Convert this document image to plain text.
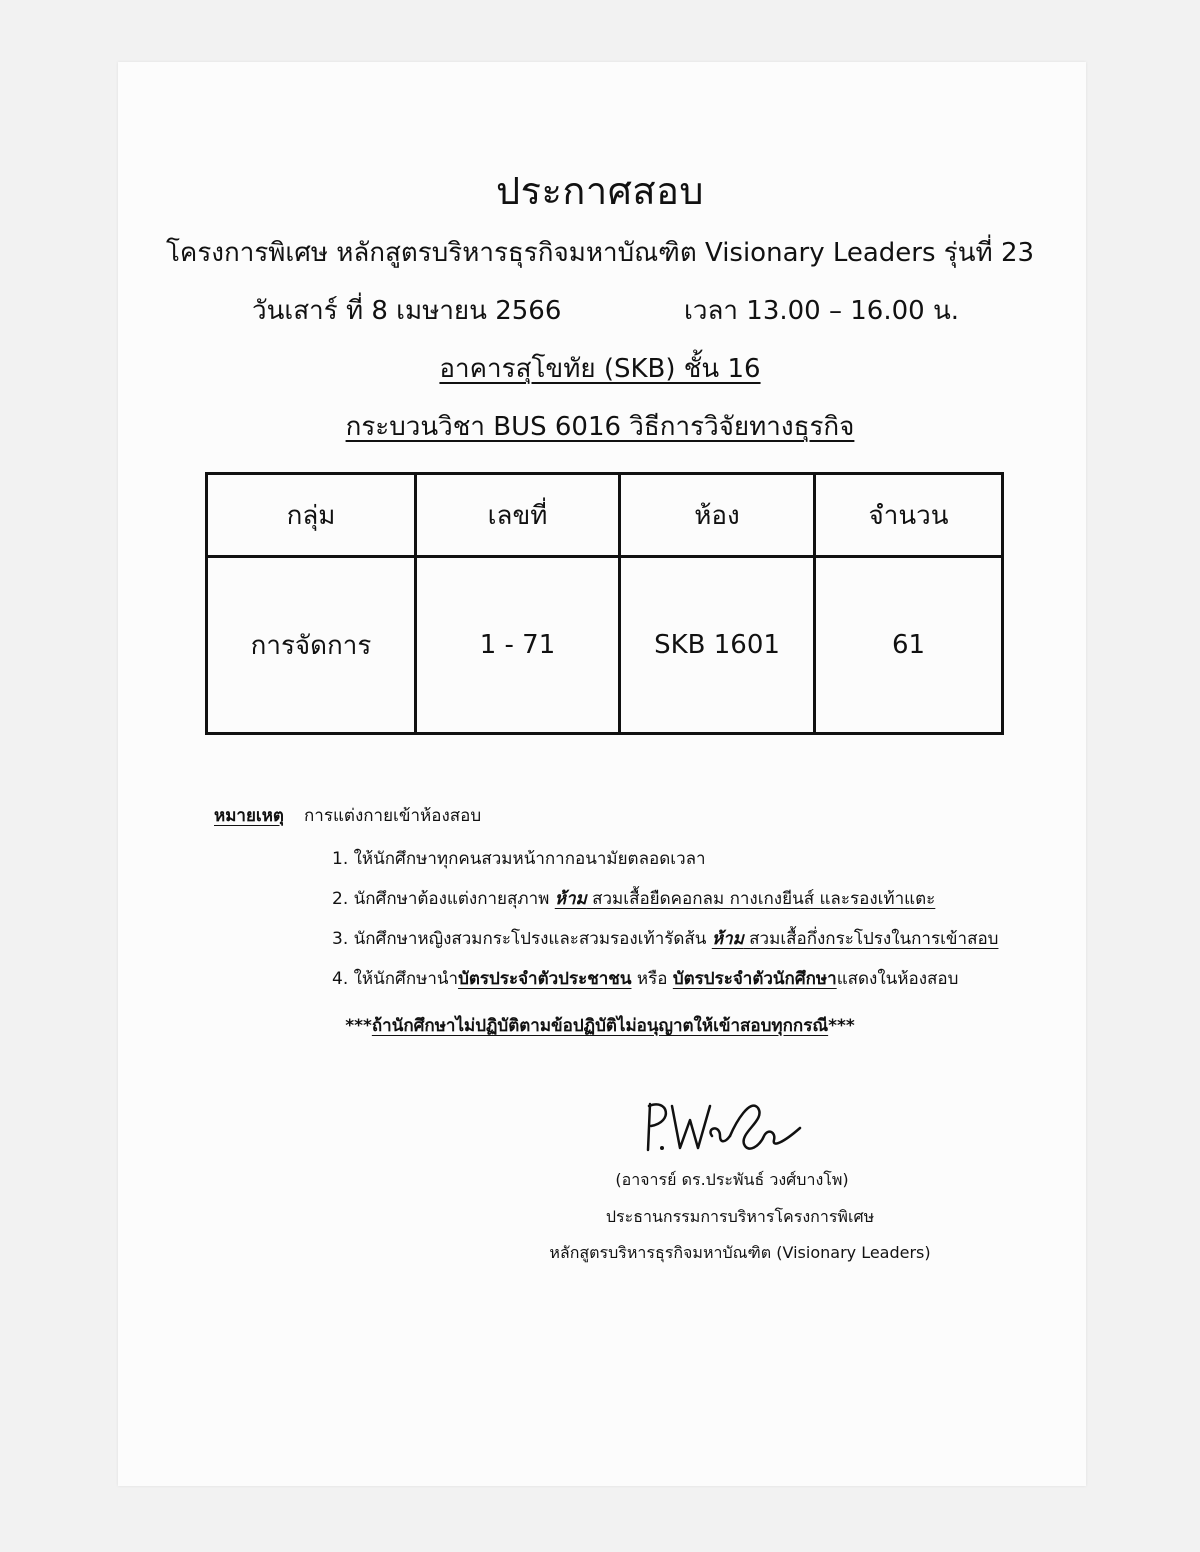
ประกาศสอบ
โครงการพิเศษ หลักสูตรบริหารธุรกิจมหาบัณฑิต Visionary Leaders รุ่นที่ 23
วันเสาร์ ที่ 8 เมษายน 2566	เวลา 13.00 – 16.00 น.
อาคารสุโขทัย (SKB) ชั้น 16
กระบวนวิชา BUS 6016 วิธีการวิจัยทางธุรกิจ
กลุ่ม	เลขที่	ห้อง	จำนวน
การจัดการ	1 - 71	SKB 1601	61
หมายเหตุ การแต่งกายเข้าห้องสอบ
1. ให้นักศึกษาทุกคนสวมหน้ากากอนามัยตลอดเวลา
2. นักศึกษาต้องแต่งกายสุภาพ ห้าม สวมเสื้อยืดคอกลม กางเกงยีนส์ และรองเท้าแตะ
3. นักศึกษาหญิงสวมกระโปรงและสวมรองเท้ารัดส้น ห้าม สวมเสื้อกึ่งกระโปรงในการเข้าสอบ
4. ให้นักศึกษานำบัตรประจำตัวประชาชน หรือ บัตรประจำตัวนักศึกษาแสดงในห้องสอบ
***ถ้านักศึกษาไม่ปฏิบัติตามข้อปฏิบัติไม่อนุญาตให้เข้าสอบทุกกรณี***
(อาจารย์ ดร.ประพันธ์ วงศ์บางโพ)
ประธานกรรมการบริหารโครงการพิเศษ
หลักสูตรบริหารธุรกิจมหาบัณฑิต (Visionary Leaders)
